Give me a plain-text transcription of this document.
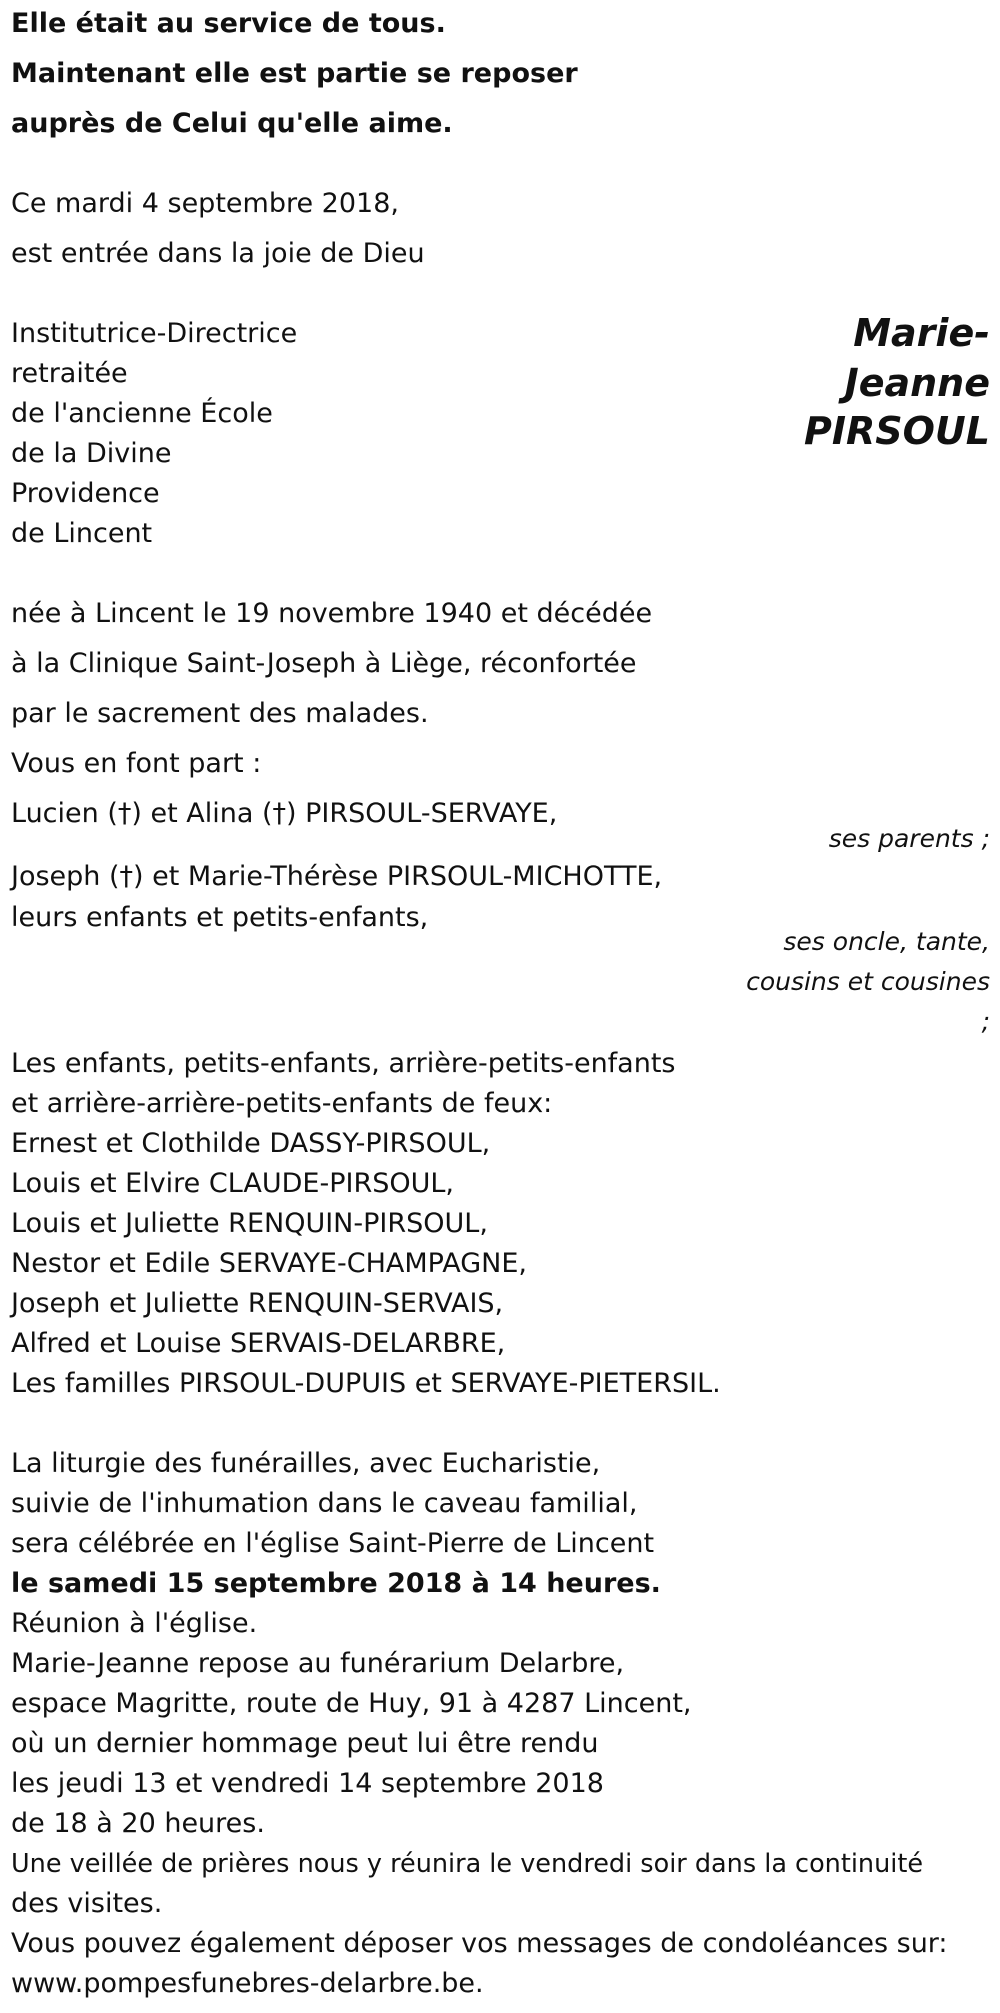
Elle était au service de tous.
Maintenant elle est partie se reposer
auprès de Celui qu'elle aime.
Ce mardi 4 septembre 2018,
est entrée dans la joie de Dieu
Institutrice-Directrice
retraitée
de l'ancienne École
de la Divine
Providence
de Lincent
Marie-
Jeanne
PIRSOUL
née à Lincent le 19 novembre 1940 et décédée
à la Clinique Saint-Joseph à Liège, réconfortée
par le sacrement des malades.
Vous en font part :
Lucien (†) et Alina (†) PIRSOUL-SERVAYE,
ses parents ;
Joseph (†) et Marie-Thérèse PIRSOUL-MICHOTTE,
leurs enfants et petits-enfants,
ses oncle, tante,
cousins et cousines
;
Les enfants, petits-enfants, arrière-petits-enfants
et arrière-arrière-petits-enfants de feux:
Ernest et Clothilde DASSY-PIRSOUL,
Louis et Elvire CLAUDE-PIRSOUL,
Louis et Juliette RENQUIN-PIRSOUL,
Nestor et Edile SERVAYE-CHAMPAGNE,
Joseph et Juliette RENQUIN-SERVAIS,
Alfred et Louise SERVAIS-DELARBRE,
Les familles PIRSOUL-DUPUIS et SERVAYE-PIETERSIL.
La liturgie des funérailles, avec Eucharistie,
suivie de l'inhumation dans le caveau familial,
sera célébrée en l'église Saint-Pierre de Lincent
le samedi 15 septembre 2018 à 14 heures.
Réunion à l'église.
Marie-Jeanne repose au funérarium Delarbre,
espace Magritte, route de Huy, 91 à 4287 Lincent,
où un dernier hommage peut lui être rendu
les jeudi 13 et vendredi 14 septembre 2018
de 18 à 20 heures.
Une veillée de prières nous y réunira le vendredi soir dans la continuité
des visites.
Vous pouvez également déposer vos messages de condoléances sur:
www.pompesfunebres-delarbre.be.
